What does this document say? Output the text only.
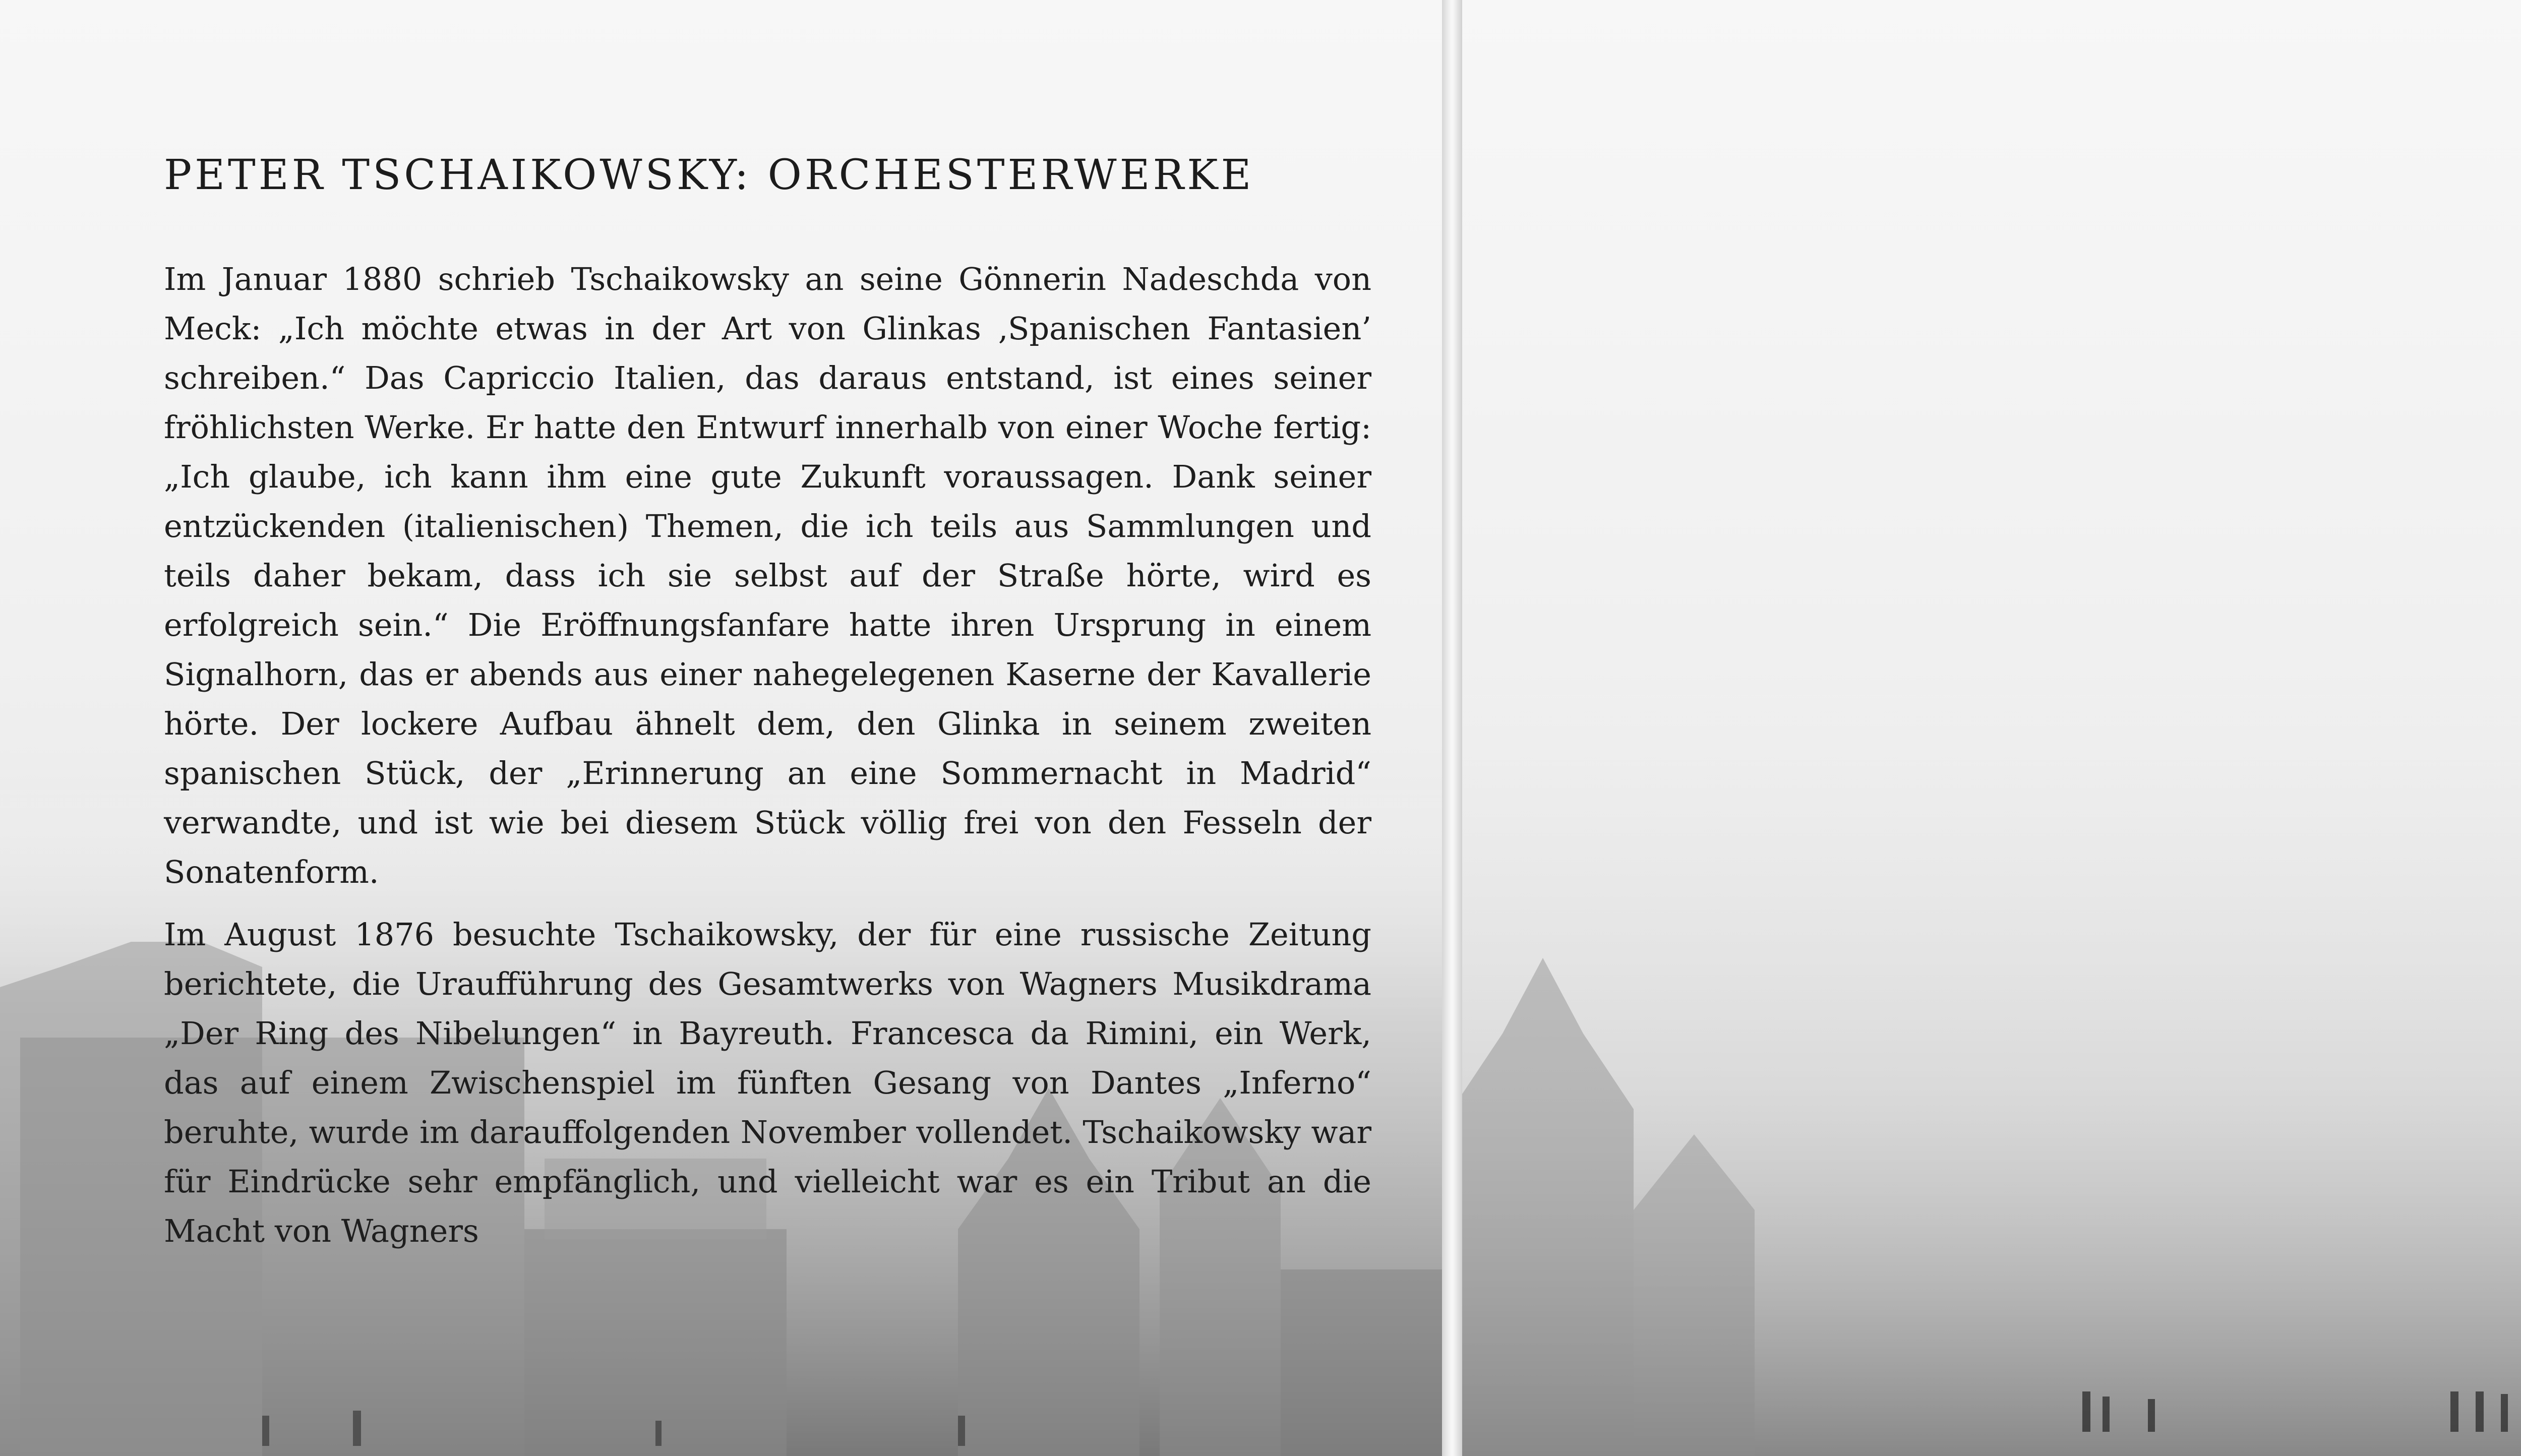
PETER TSCHAIKOWSKY: ORCHESTERWERKE

Im Januar 1880 schrieb Tschaikowsky an seine Gönnerin Nadeschda von Meck: „Ich möchte etwas in der Art von Glinkas ‚Spanischen Fantasien’ schreiben.“ Das Capriccio Italien, das daraus entstand, ist eines seiner fröhlichsten Werke. Er hatte den Entwurf innerhalb von einer Woche fertig: „Ich glaube, ich kann ihm eine gute Zukunft voraussagen. Dank seiner entzückenden (italienischen) Themen, die ich teils aus Sammlungen und teils daher bekam, dass ich sie selbst auf der Straße hörte, wird es erfolgreich sein.“ Die Eröffnungsfanfare hatte ihren Ursprung in einem Signalhorn, das er abends aus einer nahegelegenen Kaserne der Kavallerie hörte. Der lockere Aufbau ähnelt dem, den Glinka in seinem zweiten spanischen Stück, der „Erinnerung an eine Sommernacht in Madrid“ verwandte, und ist wie bei diesem Stück völlig frei von den Fesseln der Sonatenform.

Im August 1876 besuchte Tschaikowsky, der für eine russische Zeitung berichtete, die Uraufführung des Gesamtwerks von Wagners Musikdrama „Der Ring des Nibelungen“ in Bayreuth. Francesca da Rimini, ein Werk, das auf einem Zwischenspiel im fünften Gesang von Dantes „Inferno“ beruhte, wurde im darauffolgenden November vollendet. Tschaikowsky war für Eindrücke sehr empfänglich, und vielleicht war es ein Tribut an die Macht von Wagners
